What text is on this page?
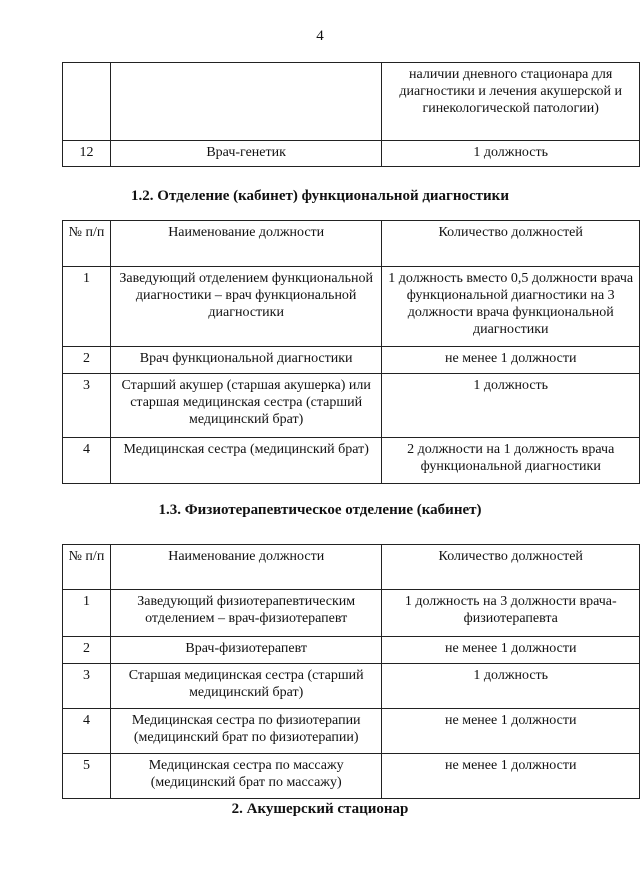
4
		наличии дневного стационара для диагностики и лечения акушерской и гинекологической патологии)
12	Врач-генетик	1 должность
1.2. Отделение (кабинет) функциональной диагностики
№ п/п	Наименование должности	Количество должностей
1	Заведующий отделением функциональной диагностики – врач функциональной диагностики	1 должность вместо 0,5 должности врача функциональной диагностики на 3 должности врача функциональной диагностики
2	Врач функциональной диагностики	не менее 1 должности
3	Старший акушер (старшая акушерка) или старшая медицинская сестра (старший медицинский брат)	1 должность
4	Медицинская сестра (медицинский брат)	2 должности на 1 должность врача функциональной диагностики
1.3. Физиотерапевтическое отделение (кабинет)
№ п/п	Наименование должности	Количество должностей
1	Заведующий физиотерапевтическим отделением – врач-физиотерапевт	1 должность на 3 должности врача-физиотерапевта
2	Врач-физиотерапевт	не менее 1 должности
3	Старшая медицинская сестра (старший медицинский брат)	1 должность
4	Медицинская сестра по физиотерапии (медицинский брат по физиотерапии)	не менее 1 должности
5	Медицинская сестра по массажу (медицинский брат по массажу)	не менее 1 должности
2. Акушерский стационар
